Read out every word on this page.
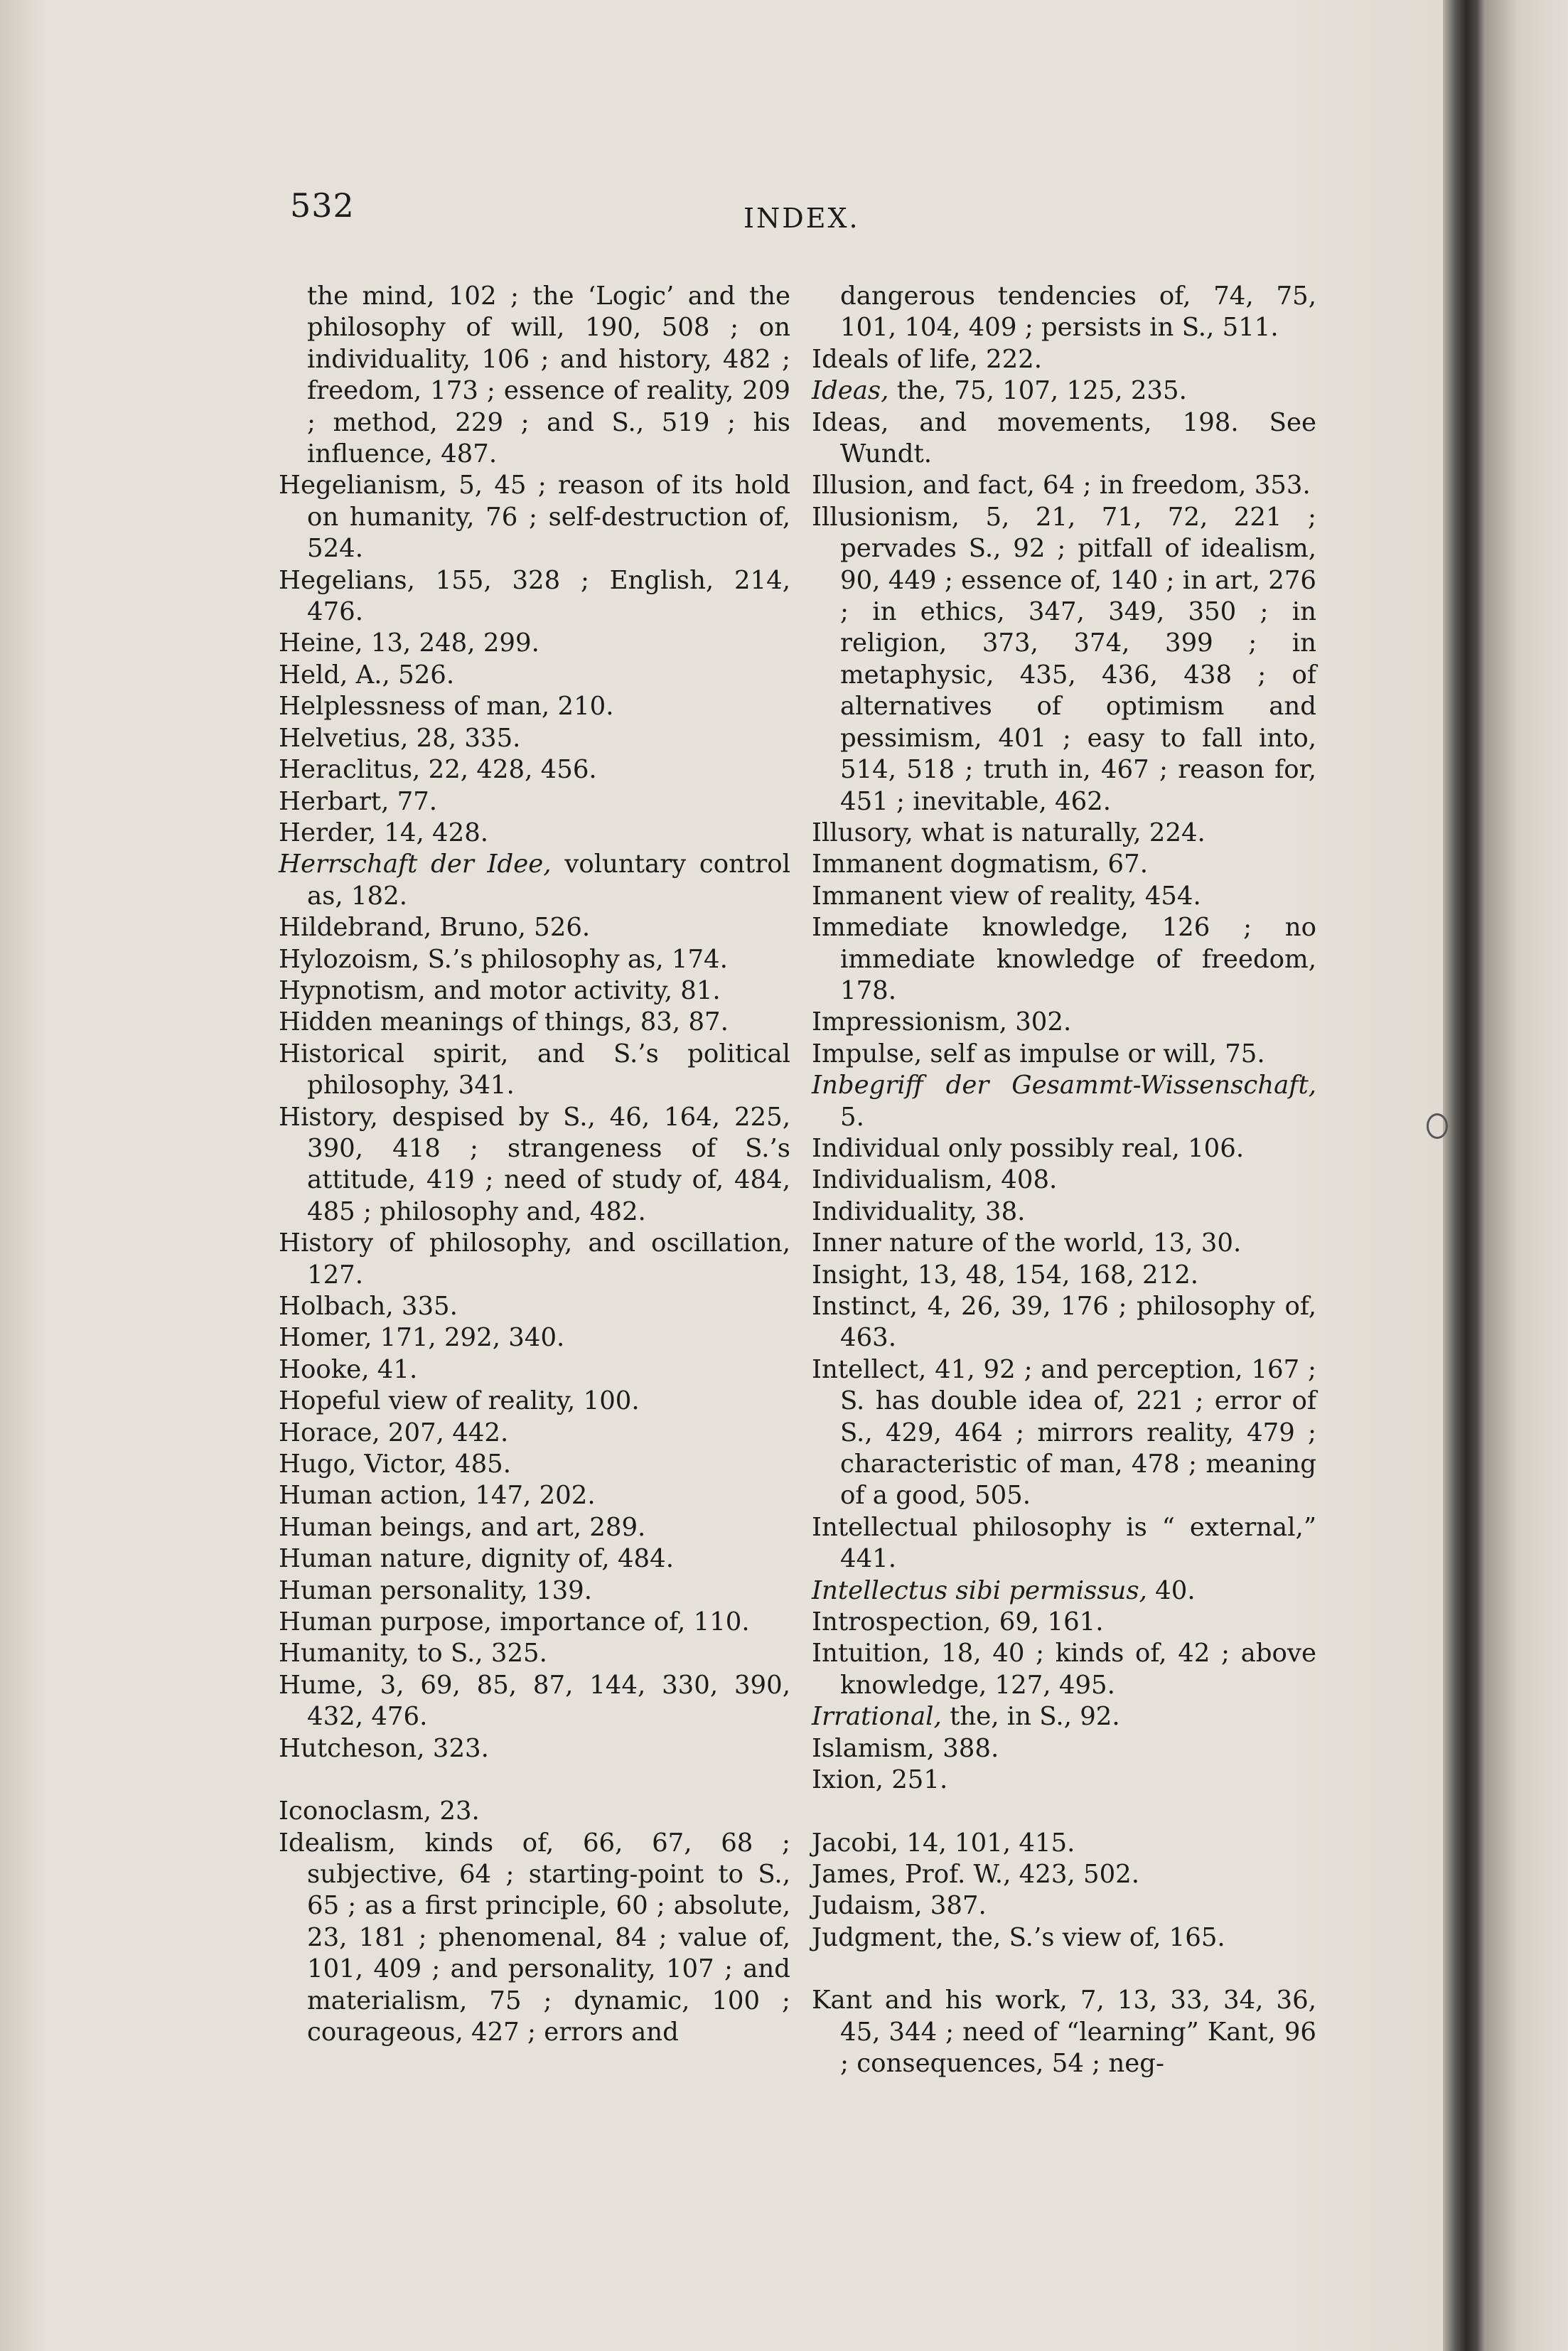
532	INDEX.

the mind, 102 ; the ‘Logic’ and the philosophy of will, 190, 508 ; on individuality, 106 ; and history, 482 ; freedom, 173 ; essence of reality, 209 ; method, 229 ; and S., 519 ; his influence, 487.

Hegelianism, 5, 45 ; reason of its hold on humanity, 76 ; self-destruction of, 524.

Hegelians, 155, 328 ; English, 214, 476.

Heine, 13, 248, 299.

Held, A., 526.

Helplessness of man, 210.

Helvetius, 28, 335.

Heraclitus, 22, 428, 456.

Herbart, 77.

Herder, 14, 428.

Herrschaft der Idee, voluntary control as, 182.

Hildebrand, Bruno, 526.

Hylozoism, S.’s philosophy as, 174.

Hypnotism, and motor activity, 81.

Hidden meanings of things, 83, 87.

Historical spirit, and S.’s political philosophy, 341.

History, despised by S., 46, 164, 225, 390, 418 ; strangeness of S.’s attitude, 419 ; need of study of, 484, 485 ; philosophy and, 482.

History of philosophy, and oscillation, 127.

Holbach, 335.

Homer, 171, 292, 340.

Hooke, 41.

Hopeful view of reality, 100.

Horace, 207, 442.

Hugo, Victor, 485.

Human action, 147, 202.

Human beings, and art, 289.

Human nature, dignity of, 484.

Human personality, 139.

Human purpose, importance of, 110.

Humanity, to S., 325.

Hume, 3, 69, 85, 87, 144, 330, 390, 432, 476.

Hutcheson, 323.

Iconoclasm, 23.

Idealism, kinds of, 66, 67, 68 ; subjective, 64 ; starting-point to S., 65 ; as a first principle, 60 ; absolute, 23, 181 ; phenomenal, 84 ; value of, 101, 409 ; and personality, 107 ; and materialism, 75 ; dynamic, 100 ; courageous, 427 ; errors and

dangerous tendencies of, 74, 75, 101, 104, 409 ; persists in S., 511.

Ideals of life, 222.

Ideas, the, 75, 107, 125, 235.

Ideas, and movements, 198. See Wundt.

Illusion, and fact, 64 ; in freedom, 353.

Illusionism, 5, 21, 71, 72, 221 ; pervades S., 92 ; pitfall of idealism, 90, 449 ; essence of, 140 ; in art, 276 ; in ethics, 347, 349, 350 ; in religion, 373, 374, 399 ; in metaphysic, 435, 436, 438 ; of alternatives of optimism and pessimism, 401 ; easy to fall into, 514, 518 ; truth in, 467 ; reason for, 451 ; inevitable, 462.

Illusory, what is naturally, 224.

Immanent dogmatism, 67.

Immanent view of reality, 454.

Immediate knowledge, 126 ; no immediate knowledge of freedom, 178.

Impressionism, 302.

Impulse, self as impulse or will, 75.

Inbegriff der Gesammt-Wissenschaft, 5.

Individual only possibly real, 106.

Individualism, 408.

Individuality, 38.

Inner nature of the world, 13, 30.

Insight, 13, 48, 154, 168, 212.

Instinct, 4, 26, 39, 176 ; philosophy of, 463.

Intellect, 41, 92 ; and perception, 167 ; S. has double idea of, 221 ; error of S., 429, 464 ; mirrors reality, 479 ; characteristic of man, 478 ; meaning of a good, 505.

Intellectual philosophy is “ external,” 441.

Intellectus sibi permissus, 40.

Introspection, 69, 161.

Intuition, 18, 40 ; kinds of, 42 ; above knowledge, 127, 495.

Irrational, the, in S., 92.

Islamism, 388.

Ixion, 251.

Jacobi, 14, 101, 415.

James, Prof. W., 423, 502.

Judaism, 387.

Judgment, the, S.’s view of, 165.

Kant and his work, 7, 13, 33, 34, 36, 45, 344 ; need of “learning” Kant, 96 ; consequences, 54 ; neg-
